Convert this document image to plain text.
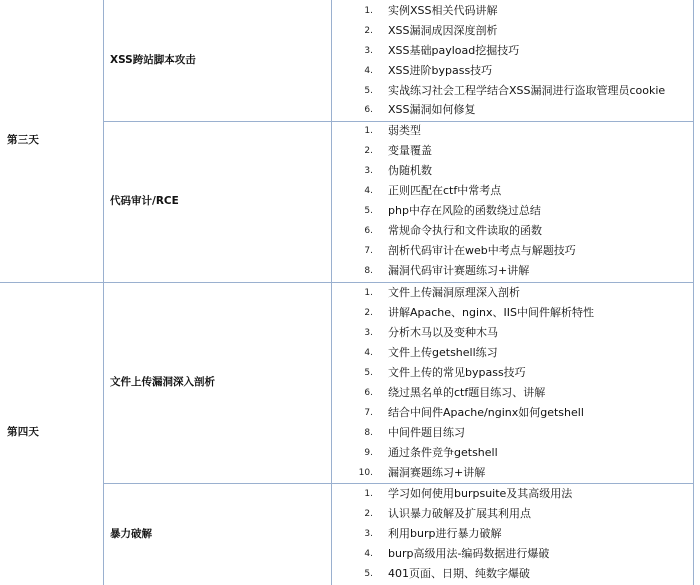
第三天
第四天
XSS跨站脚本攻击
代码审计/RCE
文件上传漏洞深入剖析
暴力破解
1. 实例XSS相关代码讲解
2. XSS漏洞成因深度剖析
3. XSS基础payload挖掘技巧
4. XSS进阶bypass技巧
5. 实战练习社会工程学结合XSS漏洞进行盗取管理员cookie
6. XSS漏洞如何修复
1. 弱类型
2. 变量覆盖
3. 伪随机数
4. 正则匹配在ctf中常考点
5. php中存在风险的函数绕过总结
6. 常规命令执行和文件读取的函数
7. 剖析代码审计在web中考点与解题技巧
8. 漏洞代码审计赛题练习+讲解
1. 文件上传漏洞原理深入剖析
2. 讲解Apache、nginx、IIS中间件解析特性
3. 分析木马以及变种木马
4. 文件上传getshell练习
5. 文件上传的常见bypass技巧
6. 绕过黑名单的ctf题目练习、讲解
7. 结合中间件Apache/nginx如何getshell
8. 中间件题目练习
9. 通过条件竞争getshell
10. 漏洞赛题练习+讲解
1. 学习如何使用burpsuite及其高级用法
2. 认识暴力破解及扩展其利用点
3. 利用burp进行暴力破解
4. burp高级用法-编码数据进行爆破
5. 401页面、日期、纯数字爆破
